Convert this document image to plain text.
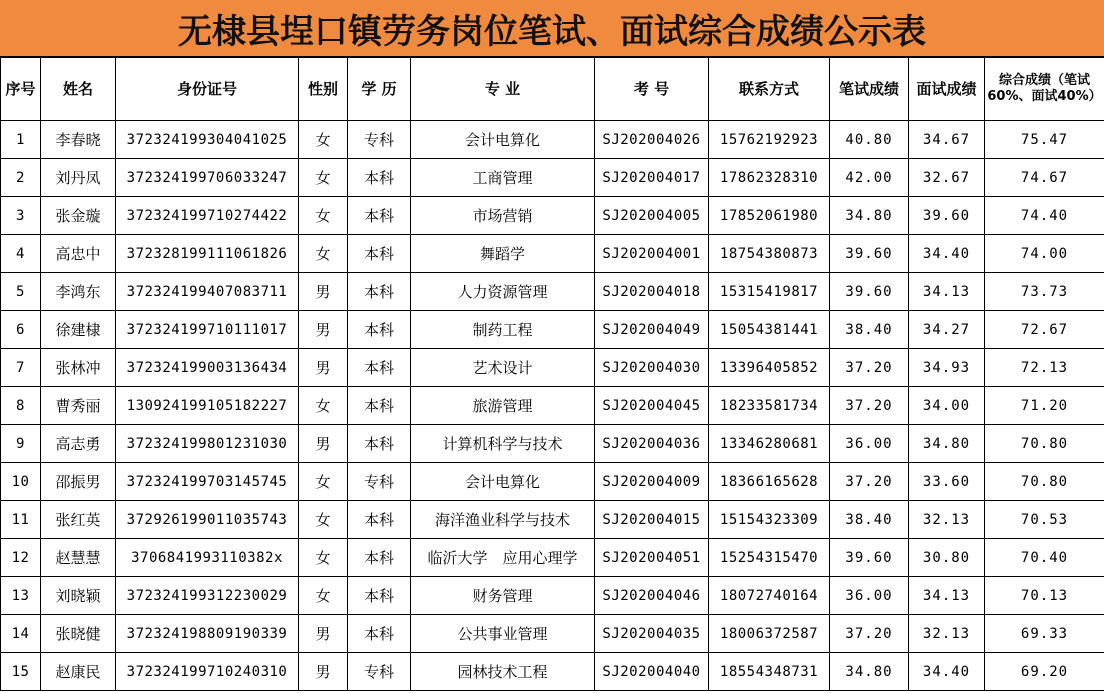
无棣县埕口镇劳务岗位笔试、面试综合成绩公示表
序号	姓名	身份证号	性别	学 历	专 业	考 号	联系方式	笔试成绩	面试成绩	综合成绩（笔试60%、面试40%）
1	李春晓	372324199304041025	女	专科	会计电算化	SJ202004026	15762192923	40.80	34.67	75.47
2	刘丹凤	372324199706033247	女	本科	工商管理	SJ202004017	17862328310	42.00	32.67	74.67
3	张金璇	372324199710274422	女	本科	市场营销	SJ202004005	17852061980	34.80	39.60	74.40
4	高忠中	372328199111061826	女	本科	舞蹈学	SJ202004001	18754380873	39.60	34.40	74.00
5	李鸿东	372324199407083711	男	本科	人力资源管理	SJ202004018	15315419817	39.60	34.13	73.73
6	徐建棣	372324199710111017	男	本科	制药工程	SJ202004049	15054381441	38.40	34.27	72.67
7	张林冲	372324199003136434	男	本科	艺术设计	SJ202004030	13396405852	37.20	34.93	72.13
8	曹秀丽	130924199105182227	女	本科	旅游管理	SJ202004045	18233581734	37.20	34.00	71.20
9	高志勇	372324199801231030	男	本科	计算机科学与技术	SJ202004036	13346280681	36.00	34.80	70.80
10	邵振男	372324199703145745	女	专科	会计电算化	SJ202004009	18366165628	37.20	33.60	70.80
11	张红英	372926199011035743	女	本科	海洋渔业科学与技术	SJ202004015	15154323309	38.40	32.13	70.53
12	赵慧慧	3706841993110382x	女	本科	临沂大学　应用心理学	SJ202004051	15254315470	39.60	30.80	70.40
13	刘晓颖	372324199312230029	女	本科	财务管理	SJ202004046	18072740164	36.00	34.13	70.13
14	张晓健	372324198809190339	男	本科	公共事业管理	SJ202004035	18006372587	37.20	32.13	69.33
15	赵康民	372324199710240310	男	专科	园林技术工程	SJ202004040	18554348731	34.80	34.40	69.20
